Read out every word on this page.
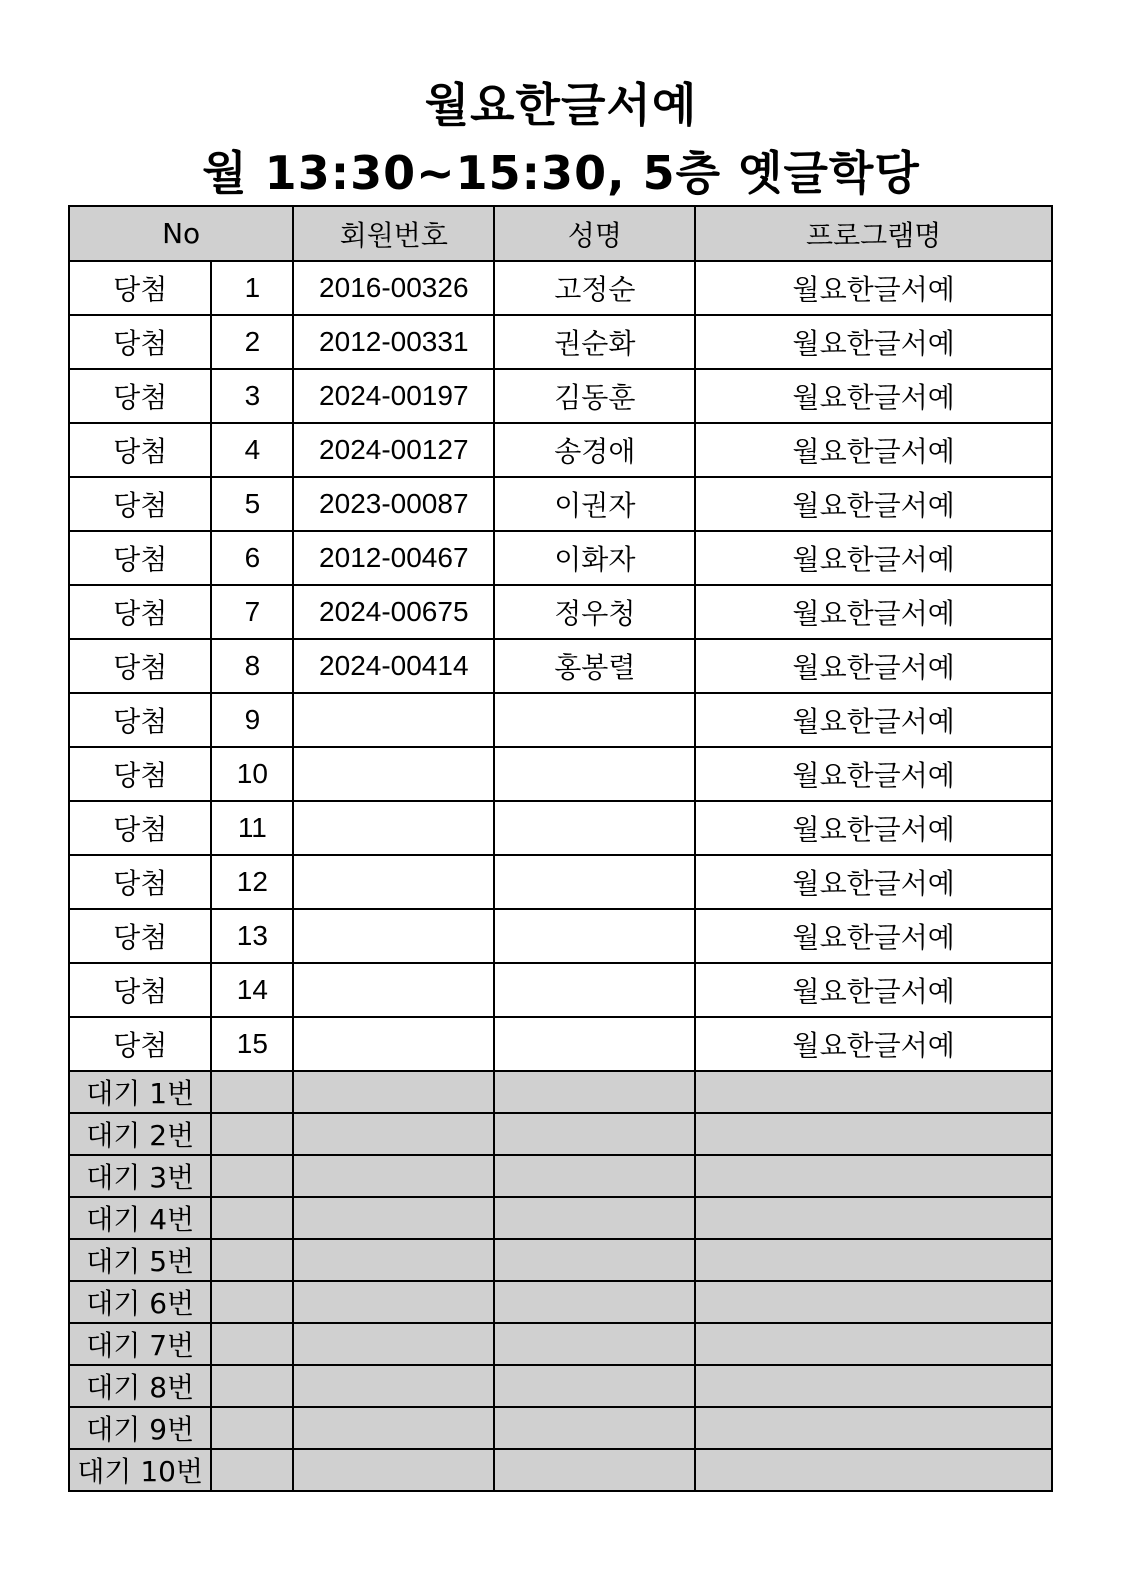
월요한글서예
월 13:30~15:30, 5층 옛글학당
No		회원번호	성명	프로그램명
당첨	1	2016-00326	고정순	월요한글서예
당첨	2	2012-00331	권순화	월요한글서예
당첨	3	2024-00197	김동훈	월요한글서예
당첨	4	2024-00127	송경애	월요한글서예
당첨	5	2023-00087	이권자	월요한글서예
당첨	6	2012-00467	이화자	월요한글서예
당첨	7	2024-00675	정우청	월요한글서예
당첨	8	2024-00414	홍봉렬	월요한글서예
당첨	9			월요한글서예
당첨	10			월요한글서예
당첨	11			월요한글서예
당첨	12			월요한글서예
당첨	13			월요한글서예
당첨	14			월요한글서예
당첨	15			월요한글서예
대기 1번				
대기 2번				
대기 3번				
대기 4번				
대기 5번				
대기 6번				
대기 7번				
대기 8번				
대기 9번				
대기 10번				
